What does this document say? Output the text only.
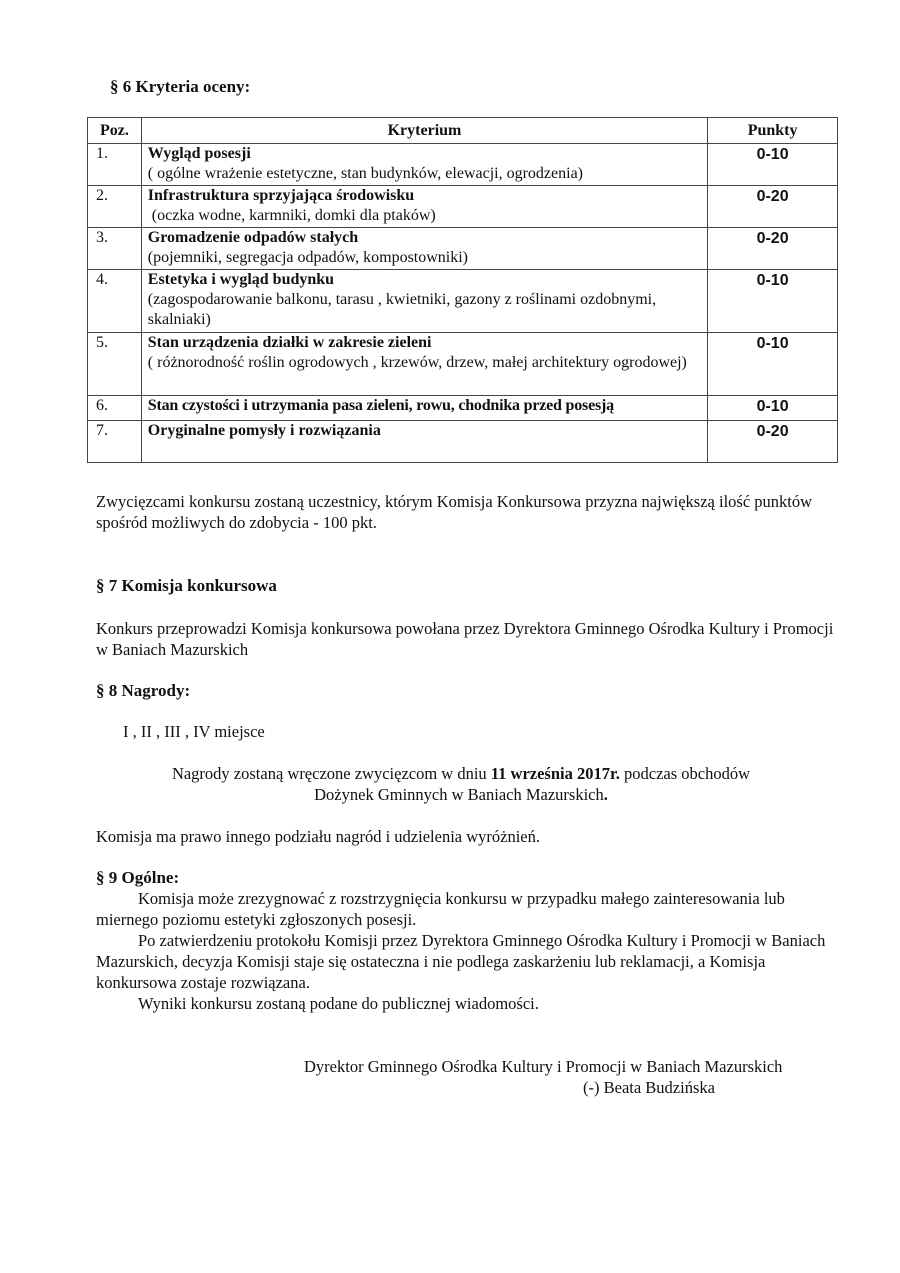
§ 6 Kryteria oceny:
Poz.	Kryterium	Punkty
1.	Wygląd posesji
( ogólne wrażenie estetyczne, stan budynków, elewacji, ogrodzenia)	0-10
2.	Infrastruktura sprzyjająca środowisku
(oczka wodne, karmniki, domki dla ptaków)	0-20
3.	Gromadzenie odpadów stałych
(pojemniki, segregacja odpadów, kompostowniki)	0-20
4.	Estetyka i wygląd budynku
(zagospodarowanie balkonu, tarasu , kwietniki, gazony z roślinami ozdobnymi, skalniaki)	0-10
5.	Stan urządzenia działki w zakresie zieleni
( różnorodność roślin ogrodowych , krzewów, drzew, małej architektury ogrodowej)	0-10
6.	Stan czystości i utrzymania pasa zieleni, rowu, chodnika przed posesją	0-10
7.	Oryginalne pomysły i rozwiązania	0-20
Zwycięzcami konkursu zostaną uczestnicy, którym Komisja Konkursowa przyzna największą ilość punktów spośród możliwych do zdobycia - 100 pkt.
§ 7 Komisja konkursowa
Konkurs przeprowadzi Komisja konkursowa powołana przez Dyrektora Gminnego Ośrodka Kultury i Promocji w Baniach Mazurskich
§ 8 Nagrody:
I , II , III , IV miejsce
Nagrody zostaną wręczone zwycięzcom w dniu 11 września 2017r. podczas obchodów
Dożynek Gminnych w Baniach Mazurskich.
Komisja ma prawo innego podziału nagród i udzielenia wyróżnień.
§ 9 Ogólne:
Komisja może zrezygnować z rozstrzygnięcia konkursu w przypadku małego zainteresowania lub miernego poziomu estetyki zgłoszonych posesji.
Po zatwierdzeniu protokołu Komisji przez Dyrektora Gminnego Ośrodka Kultury i Promocji w Baniach Mazurskich, decyzja Komisji staje się ostateczna i nie podlega zaskarżeniu lub reklamacji, a Komisja konkursowa zostaje rozwiązana.
Wyniki konkursu zostaną podane do publicznej wiadomości.
Dyrektor Gminnego Ośrodka Kultury i Promocji w Baniach Mazurskich
(-) Beata Budzińska
